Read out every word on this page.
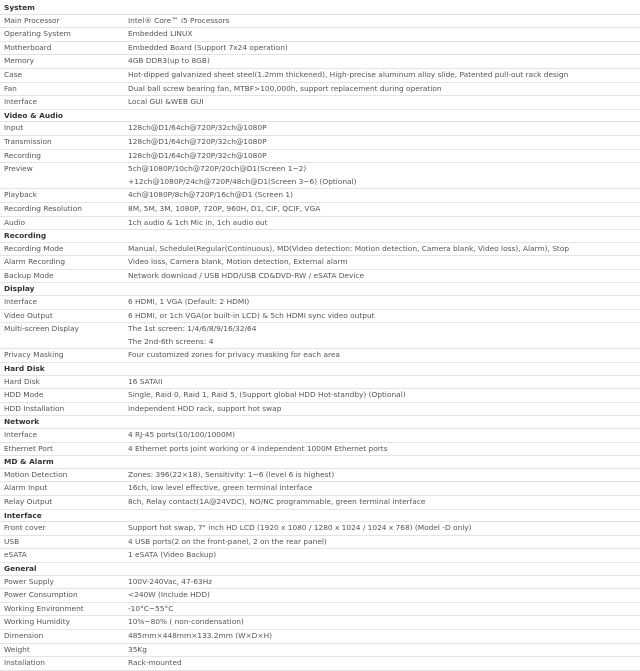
System
Main Processor	Intel® Core™ i5 Processors
Operating System	Embedded LINUX
Motherboard	Embedded Board (Support 7x24 operation)
Memory	4GB DDR3(up to 8GB)
Case	Hot-dipped galvanized sheet steel(1.2mm thickened), High-precise aluminum alloy slide, Patented pull-out rack design
Fan	Dual ball screw bearing fan, MTBF>100,000h, support replacement during operation
Interface	Local GUI &WEB GUI
Video & Audio
Input	128ch@D1/64ch@720P/32ch@1080P
Transmission	128ch@D1/64ch@720P/32ch@1080P
Recording	128ch@D1/64ch@720P/32ch@1080P
Preview	5ch@1080P/10ch@720P/20ch@D1(Screen 1~2)
+12ch@1080P/24ch@720P/48ch@D1(Screen 3~6) (Optional)
Playback	4ch@1080P/8ch@720P/16ch@D1 (Screen 1)
Recording Resolution	8M, 5M, 3M, 1080P, 720P, 960H, D1, CIF, QCIF, VGA
Audio	1ch audio & 1ch Mic in, 1ch audio out
Recording
Recording Mode	Manual, Schedule(Regular(Continuous), MD(Video detection: Motion detection, Camera blank, Video loss), Alarm), Stop
Alarm Recording	Video loss, Camera blank, Motion detection, External alarm
Backup Mode	Network download / USB HDD/USB CD&DVD-RW / eSATA Device
Display
Interface	6 HDMI, 1 VGA (Default: 2 HDMI)
Video Output	6 HDMI, or 1ch VGA(or built-in LCD) & 5ch HDMI sync video output
Multi-screen Display	The 1st screen: 1/4/6/8/9/16/32/64
The 2nd-6th screens: 4
Privacy Masking	Four customized zones for privacy masking for each area
Hard Disk
Hard Disk	16 SATAII
HDD Mode	Single, Raid 0, Raid 1, Raid 5, (Support global HDD Hot-standby) (Optional)
HDD Installation	Independent HDD rack, support hot swap
Network
Interface	4 RJ-45 ports(10/100/1000M)
Ethernet Port	4 Ethernet ports joint working or 4 independent 1000M Ethernet ports
MD & Alarm
Motion Detection	Zones: 396(22×18), Sensitivity: 1~6 (level 6 is highest)
Alarm Input	16ch, low level effective, green terminal interface
Relay Output	8ch, Relay contact(1A@24VDC), NO/NC programmable, green terminal interface
Interface
Front cover	Support hot swap, 7" inch HD LCD (1920 x 1080 / 1280 x 1024 / 1024 x 768) (Model -D only)
USB	4 USB ports(2 on the front-panel, 2 on the rear panel)
eSATA	1 eSATA (Video Backup)
General
Power Supply	100V-240Vac, 47-63Hz
Power Consumption	<240W (Include HDD)
Working Environment	-10°C~55°C
Working Humidity	10%~80% ( non-condensation)
Dimension	485mm×448mm×133.2mm (W×D×H)
Weight	35Kg
Installation	Rack-mounted
